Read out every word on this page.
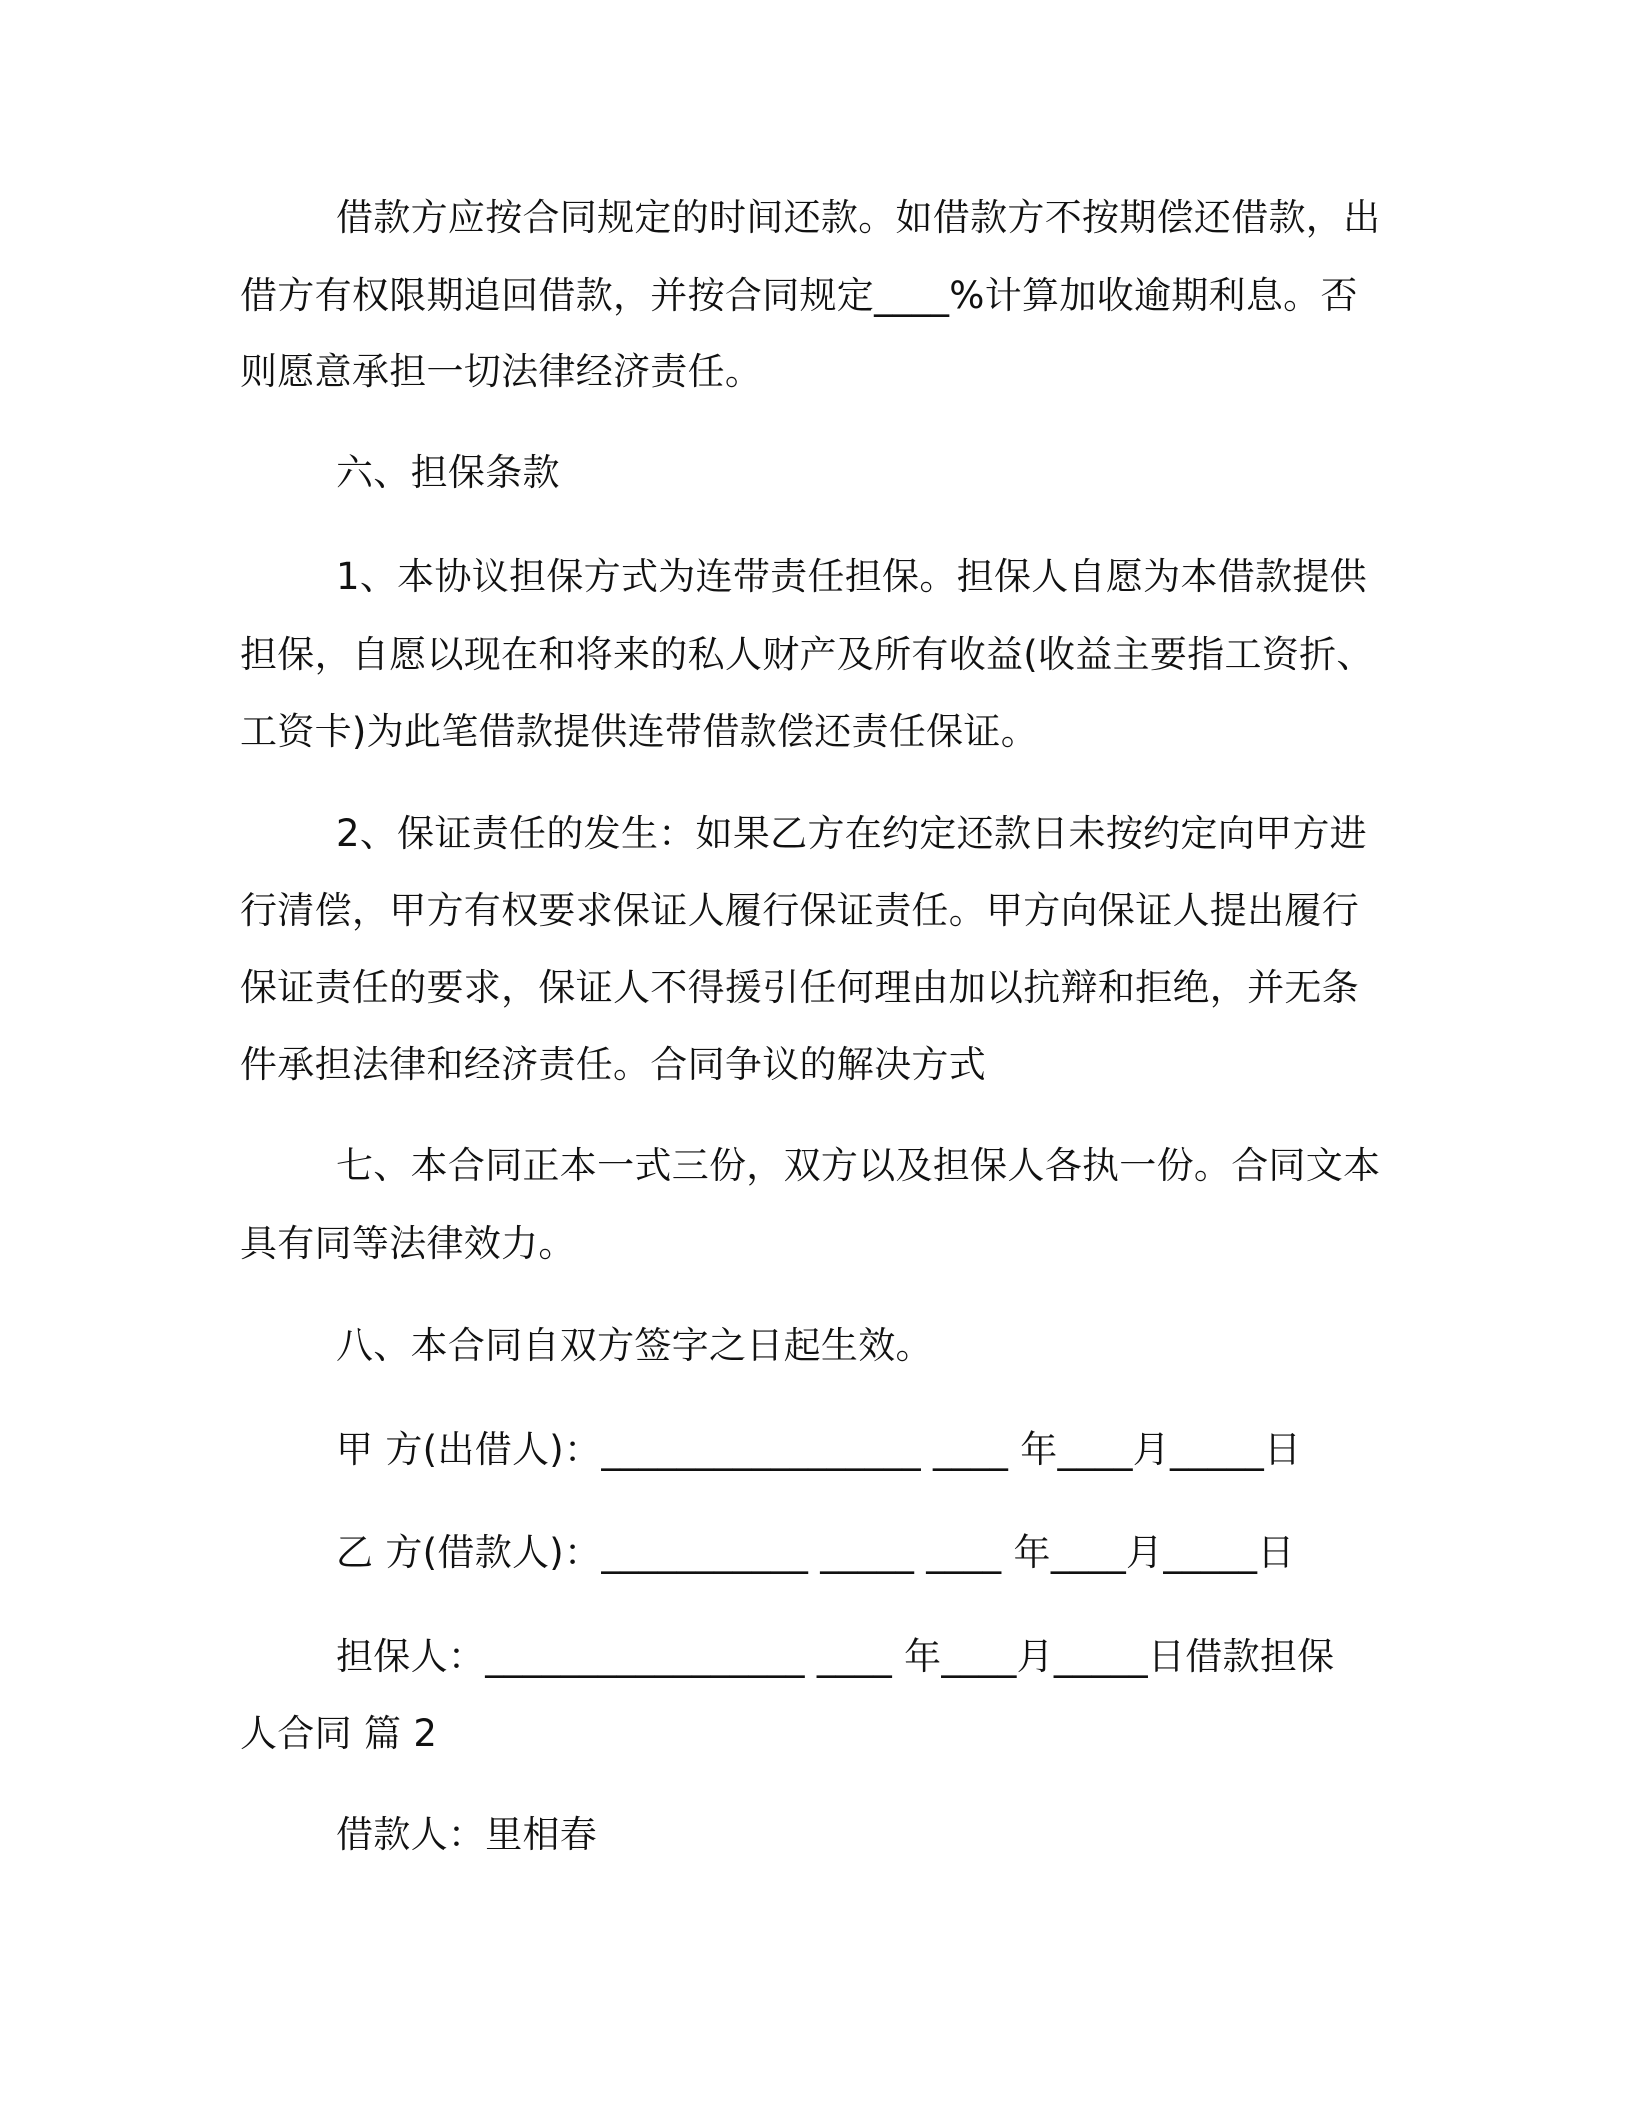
借款方应按合同规定的时间还款。如借款方不按期偿还借款，出
借方有权限期追回借款，并按合同规定____%计算加收逾期利息。否
则愿意承担一切法律经济责任。
六、担保条款
1、本协议担保方式为连带责任担保。担保人自愿为本借款提供
担保，自愿以现在和将来的私人财产及所有收益(收益主要指工资折、
工资卡)为此笔借款提供连带借款偿还责任保证。
2、保证责任的发生：如果乙方在约定还款日未按约定向甲方进
行清偿，甲方有权要求保证人履行保证责任。甲方向保证人提出履行
保证责任的要求，保证人不得援引任何理由加以抗辩和拒绝，并无条
件承担法律和经济责任。合同争议的解决方式
七、本合同正本一式三份，双方以及担保人各执一份。合同文本
具有同等法律效力。
八、本合同自双方签字之日起生效。
甲 方(出借人)：_________________ ____ 年____月_____日
乙 方(借款人)：___________ _____ ____ 年____月_____日
担保人：_________________ ____ 年____月_____日借款担保
人合同 篇 2
借款人：里相春
